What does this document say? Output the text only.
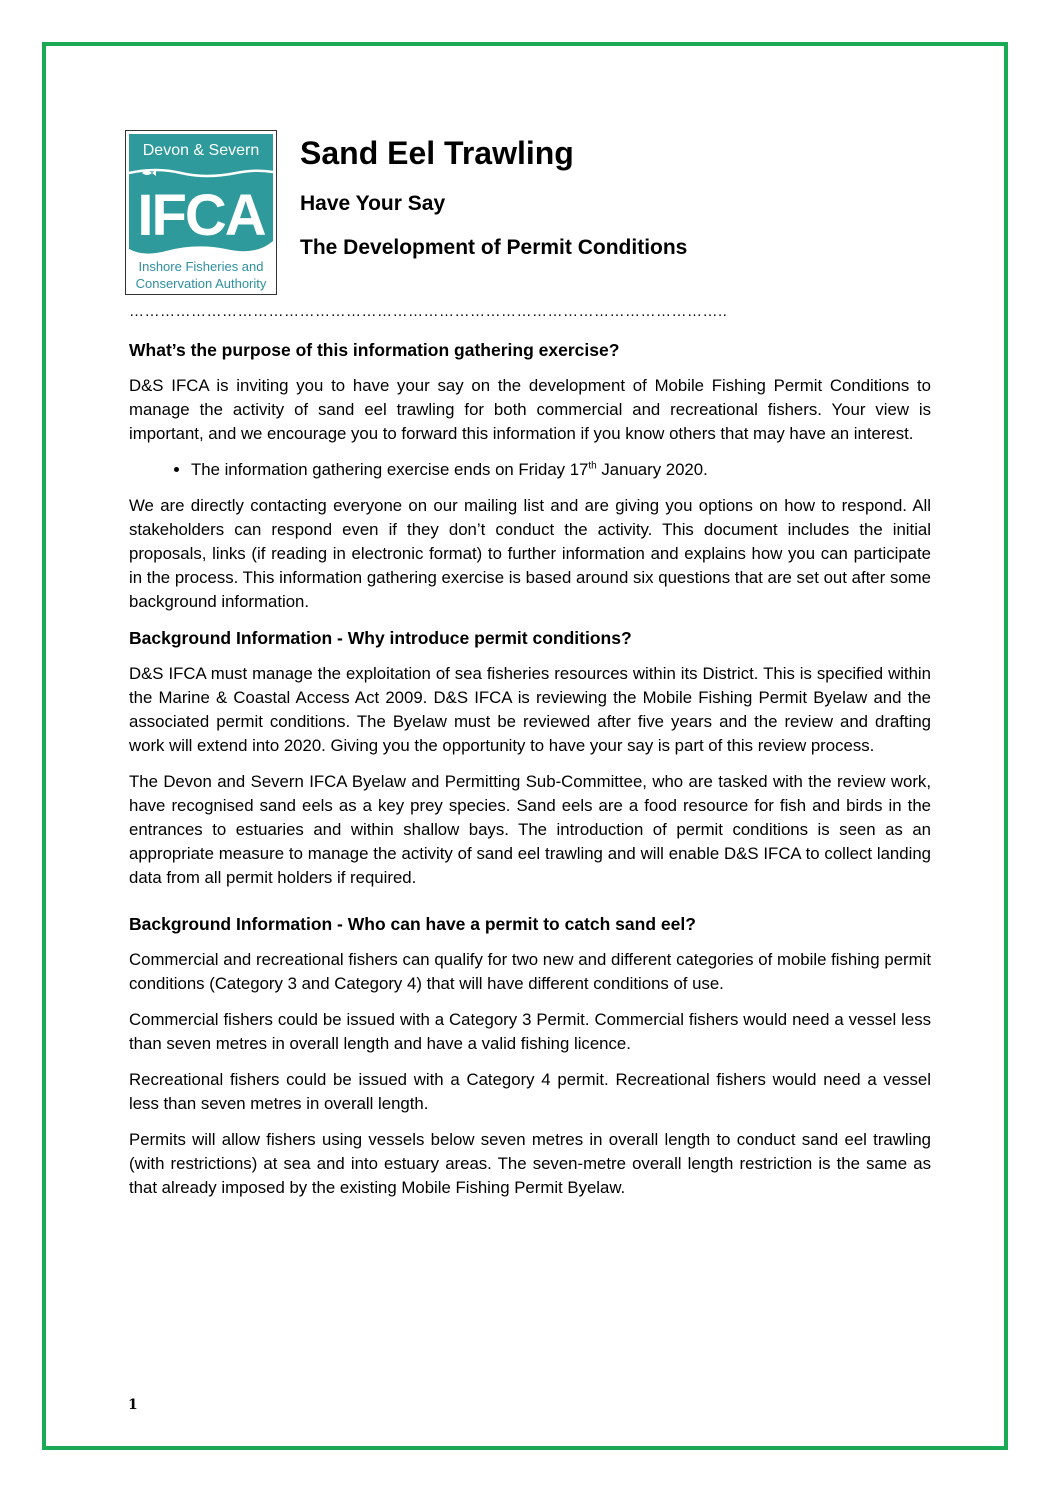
Devon & Severn
IFCA
Inshore Fisheries and
Conservation Authority
Sand Eel Trawling
Have Your Say
The Development of Permit Conditions
……………………………………………………………………………………………………..
What’s the purpose of this information gathering exercise?

D&S IFCA is inviting you to have your say on the development of Mobile Fishing Permit Conditions to manage the activity of sand eel trawling for both commercial and recreational fishers. Your view is important, and we encourage you to forward this information if you know others that may have an interest.

• The information gathering exercise ends on Friday 17th January 2020.

We are directly contacting everyone on our mailing list and are giving you options on how to respond. All stakeholders can respond even if they don’t conduct the activity. This document includes the initial proposals, links (if reading in electronic format) to further information and explains how you can participate in the process. This information gathering exercise is based around six questions that are set out after some background information.

Background Information - Why introduce permit conditions?

D&S IFCA must manage the exploitation of sea fisheries resources within its District. This is specified within the Marine & Coastal Access Act 2009. D&S IFCA is reviewing the Mobile Fishing Permit Byelaw and the associated permit conditions. The Byelaw must be reviewed after five years and the review and drafting work will extend into 2020. Giving you the opportunity to have your say is part of this review process.

The Devon and Severn IFCA Byelaw and Permitting Sub-Committee, who are tasked with the review work, have recognised sand eels as a key prey species. Sand eels are a food resource for fish and birds in the entrances to estuaries and within shallow bays. The introduction of permit conditions is seen as an appropriate measure to manage the activity of sand eel trawling and will enable D&S IFCA to collect landing data from all permit holders if required.

Background Information - Who can have a permit to catch sand eel?

Commercial and recreational fishers can qualify for two new and different categories of mobile fishing permit conditions (Category 3 and Category 4) that will have different conditions of use.

Commercial fishers could be issued with a Category 3 Permit. Commercial fishers would need a vessel less than seven metres in overall length and have a valid fishing licence.

Recreational fishers could be issued with a Category 4 permit. Recreational fishers would need a vessel less than seven metres in overall length.

Permits will allow fishers using vessels below seven metres in overall length to conduct sand eel trawling (with restrictions) at sea and into estuary areas. The seven-metre overall length restriction is the same as that already imposed by the existing Mobile Fishing Permit Byelaw.

1
